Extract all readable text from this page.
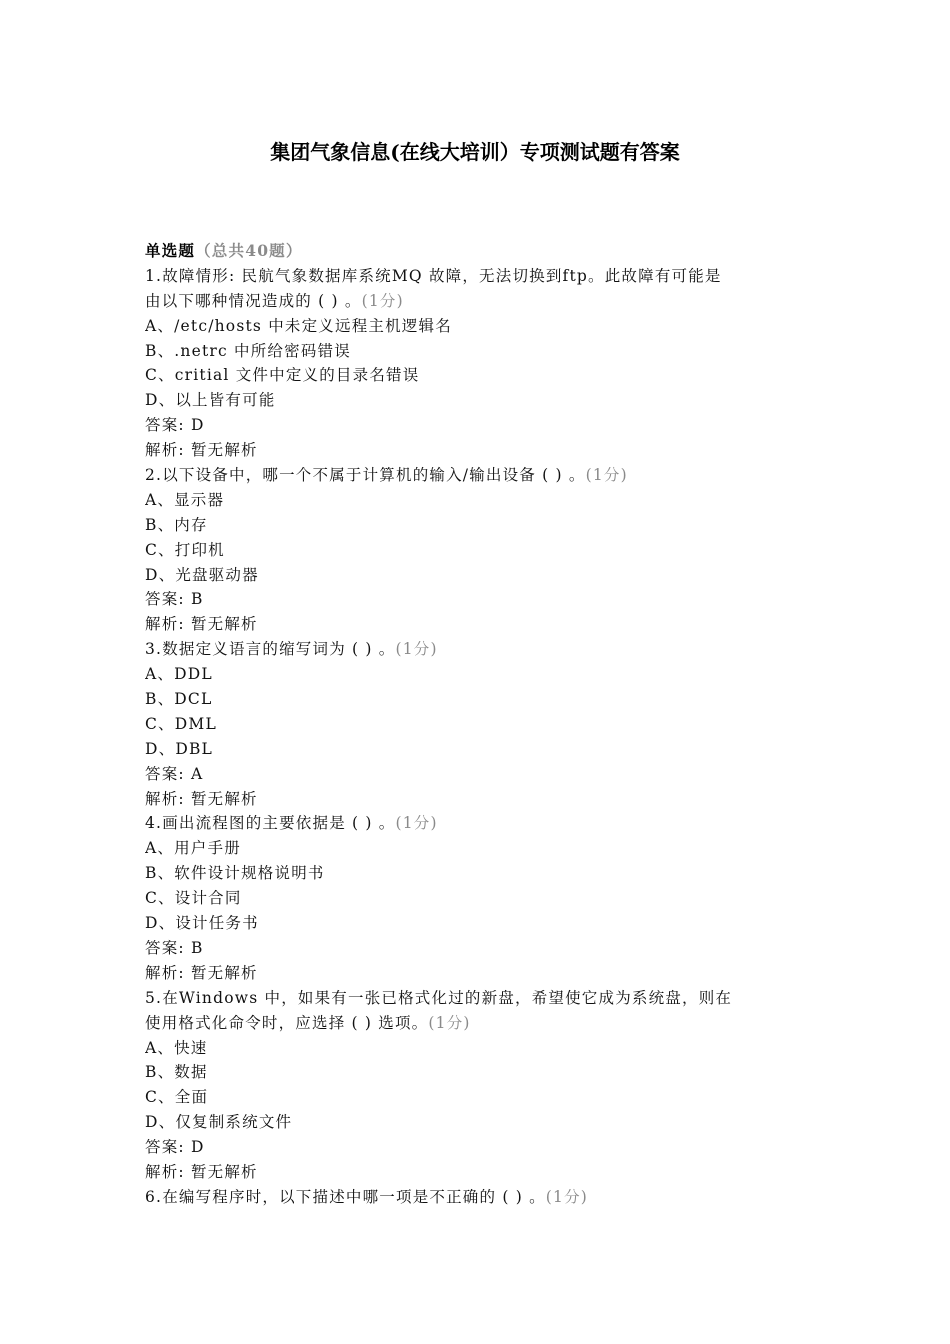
集团气象信息(在线大培训）专项测试题有答案
单选题（总共40题）
1.故障情形: 民航气象数据库系统MQ 故障，无法切换到ftp。此故障有可能是
由以下哪种情况造成的 ( ) 。(1分)
A、/etc/hosts 中未定义远程主机逻辑名
B、.netrc 中所给密码错误
C、critial 文件中定义的目录名错误
D、以上皆有可能
答案: D
解析: 暂无解析
2.以下设备中，哪一个不属于计算机的输入/输出设备 ( ) 。(1分)
A、显示器
B、内存
C、打印机
D、光盘驱动器
答案: B
解析: 暂无解析
3.数据定义语言的缩写词为 ( ) 。(1分)
A、DDL
B、DCL
C、DML
D、DBL
答案: A
解析: 暂无解析
4.画出流程图的主要依据是 ( ) 。(1分)
A、用户手册
B、软件设计规格说明书
C、设计合同
D、设计任务书
答案: B
解析: 暂无解析
5.在Windows 中，如果有一张已格式化过的新盘，希望使它成为系统盘，则在
使用格式化命令时，应选择 ( ) 选项。(1分)
A、快速
B、数据
C、全面
D、仅复制系统文件
答案: D
解析: 暂无解析
6.在编写程序时，以下描述中哪一项是不正确的 ( ) 。(1分)
